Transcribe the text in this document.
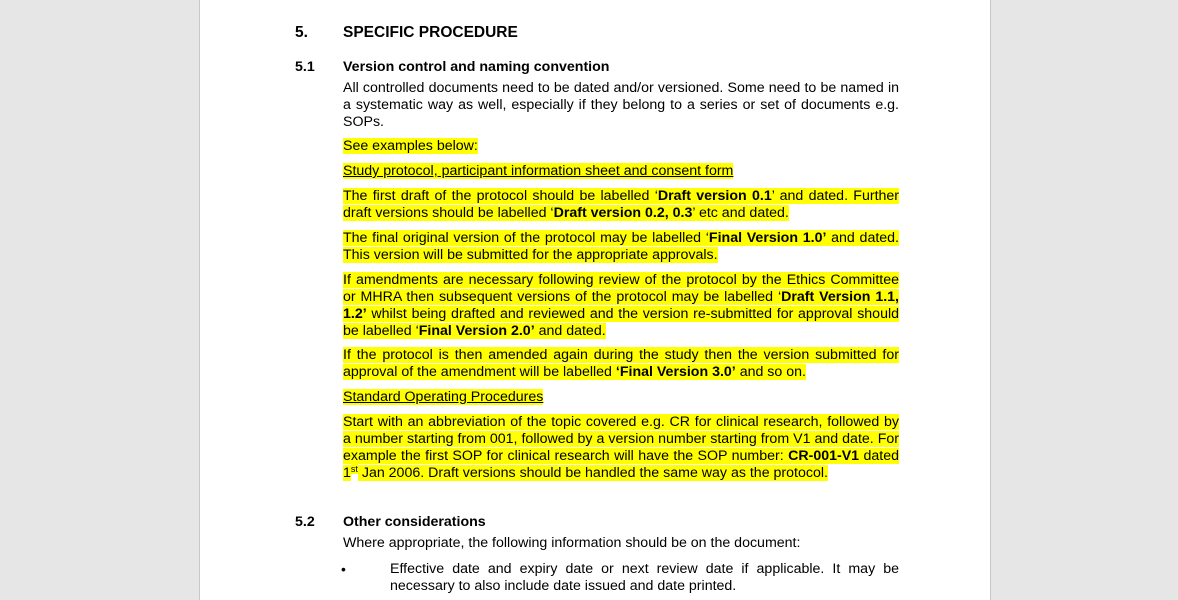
5. SPECIFIC PROCEDURE
5.1 Version control and naming convention
All controlled documents need to be dated and/or versioned. Some need to be named in a systematic way as well, especially if they belong to a series or set of documents e.g. SOPs.
See examples below:
Study protocol, participant information sheet and consent form
The first draft of the protocol should be labelled ‘Draft version 0.1’ and dated. Further draft versions should be labelled ‘Draft version 0.2, 0.3’ etc and dated.
The final original version of the protocol may be labelled ‘Final Version 1.0’ and dated. This version will be submitted for the appropriate approvals.
If amendments are necessary following review of the protocol by the Ethics Committee or MHRA then subsequent versions of the protocol may be labelled ‘Draft Version 1.1, 1.2’ whilst being drafted and reviewed and the version re-submitted for approval should be labelled ‘Final Version 2.0’ and dated.
If the protocol is then amended again during the study then the version submitted for approval of the amendment will be labelled ‘Final Version 3.0’ and so on.
Standard Operating Procedures
Start with an abbreviation of the topic covered e.g. CR for clinical research, followed by a number starting from 001, followed by a version number starting from V1 and date. For example the first SOP for clinical research will have the SOP number: CR-001-V1 dated 1st Jan 2006. Draft versions should be handled the same way as the protocol.
5.2 Other considerations
Where appropriate, the following information should be on the document:
•	Effective date and expiry date or next review date if applicable. It may be necessary to also include date issued and date printed.
